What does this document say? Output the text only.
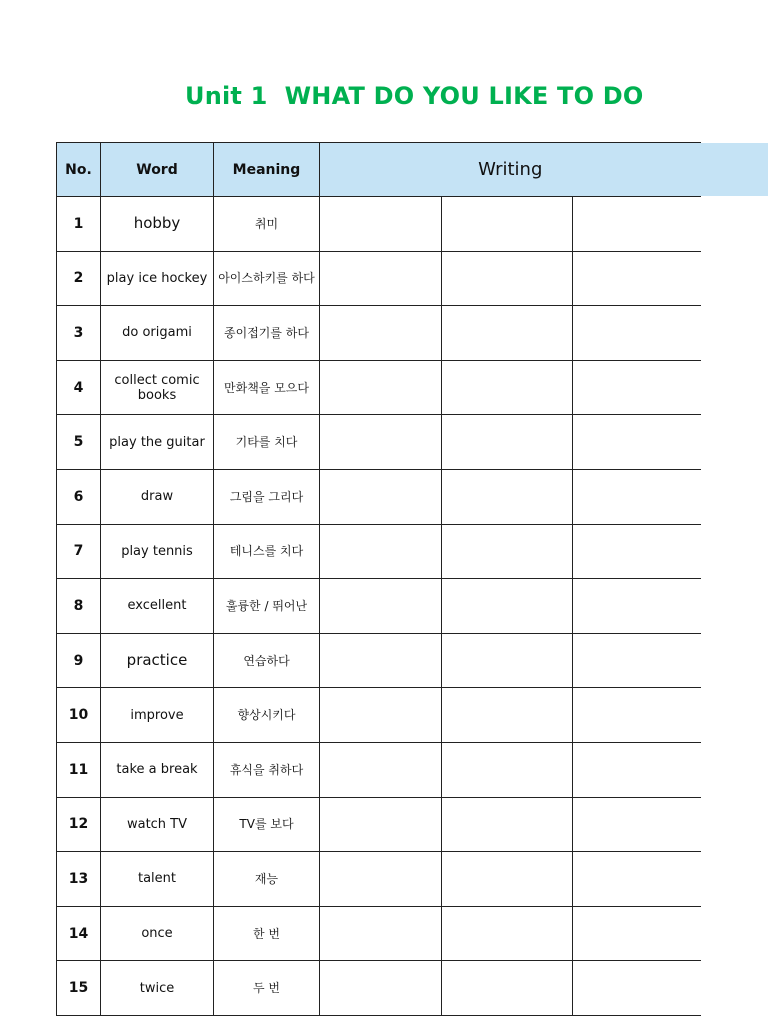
Unit 1  WHAT DO YOU LIKE TO DO
No.	Word	Meaning	Writing		
1	hobby	취미			
2	play ice hockey	아이스하키를 하다			
3	do origami	종이접기를 하다			
4	collect comic books	만화책을 모으다			
5	play the guitar	기타를 치다			
6	draw	그림을 그리다			
7	play tennis	테니스를 치다			
8	excellent	훌륭한 / 뛰어난			
9	practice	연습하다			
10	improve	향상시키다			
11	take a break	휴식을 취하다			
12	watch TV	TV를 보다			
13	talent	재능			
14	once	한 번			
15	twice	두 번			
